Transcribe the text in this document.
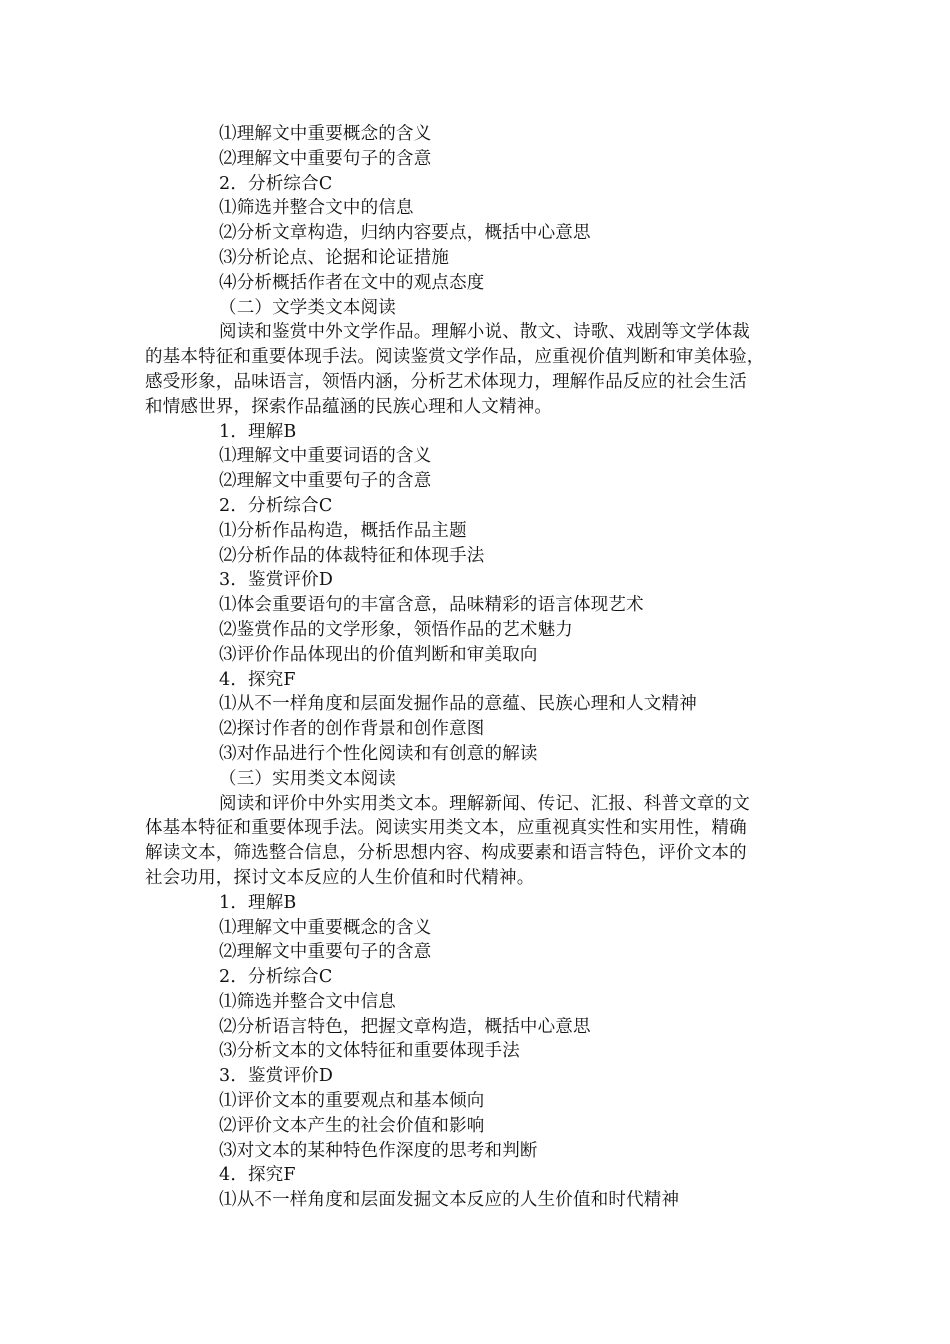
⑴理解文中重要概念的含义
⑵理解文中重要句子的含意
2．分析综合C
⑴筛选并整合文中的信息
⑵分析文章构造，归纳内容要点，概括中心意思
⑶分析论点、论据和论证措施
⑷分析概括作者在文中的观点态度
（二）文学类文本阅读
阅读和鉴赏中外文学作品。理解小说、散文、诗歌、戏剧等文学体裁
的基本特征和重要体现手法。阅读鉴赏文学作品，应重视价值判断和审美体验，
感受形象，品味语言，领悟内涵，分析艺术体现力，理解作品反应的社会生活
和情感世界，探索作品蕴涵的民族心理和人文精神。
1．理解B
⑴理解文中重要词语的含义
⑵理解文中重要句子的含意
2．分析综合C
⑴分析作品构造，概括作品主题
⑵分析作品的体裁特征和体现手法
3．鉴赏评价D
⑴体会重要语句的丰富含意，品味精彩的语言体现艺术
⑵鉴赏作品的文学形象，领悟作品的艺术魅力
⑶评价作品体现出的价值判断和审美取向
4．探究F
⑴从不一样角度和层面发掘作品的意蕴、民族心理和人文精神
⑵探讨作者的创作背景和创作意图
⑶对作品进行个性化阅读和有创意的解读
（三）实用类文本阅读
阅读和评价中外实用类文本。理解新闻、传记、汇报、科普文章的文
体基本特征和重要体现手法。阅读实用类文本，应重视真实性和实用性，精确
解读文本，筛选整合信息，分析思想内容、构成要素和语言特色，评价文本的
社会功用，探讨文本反应的人生价值和时代精神。
1．理解B
⑴理解文中重要概念的含义
⑵理解文中重要句子的含意
2．分析综合C
⑴筛选并整合文中信息
⑵分析语言特色，把握文章构造，概括中心意思
⑶分析文本的文体特征和重要体现手法
3．鉴赏评价D
⑴评价文本的重要观点和基本倾向
⑵评价文本产生的社会价值和影响
⑶对文本的某种特色作深度的思考和判断
4．探究F
⑴从不一样角度和层面发掘文本反应的人生价值和时代精神
